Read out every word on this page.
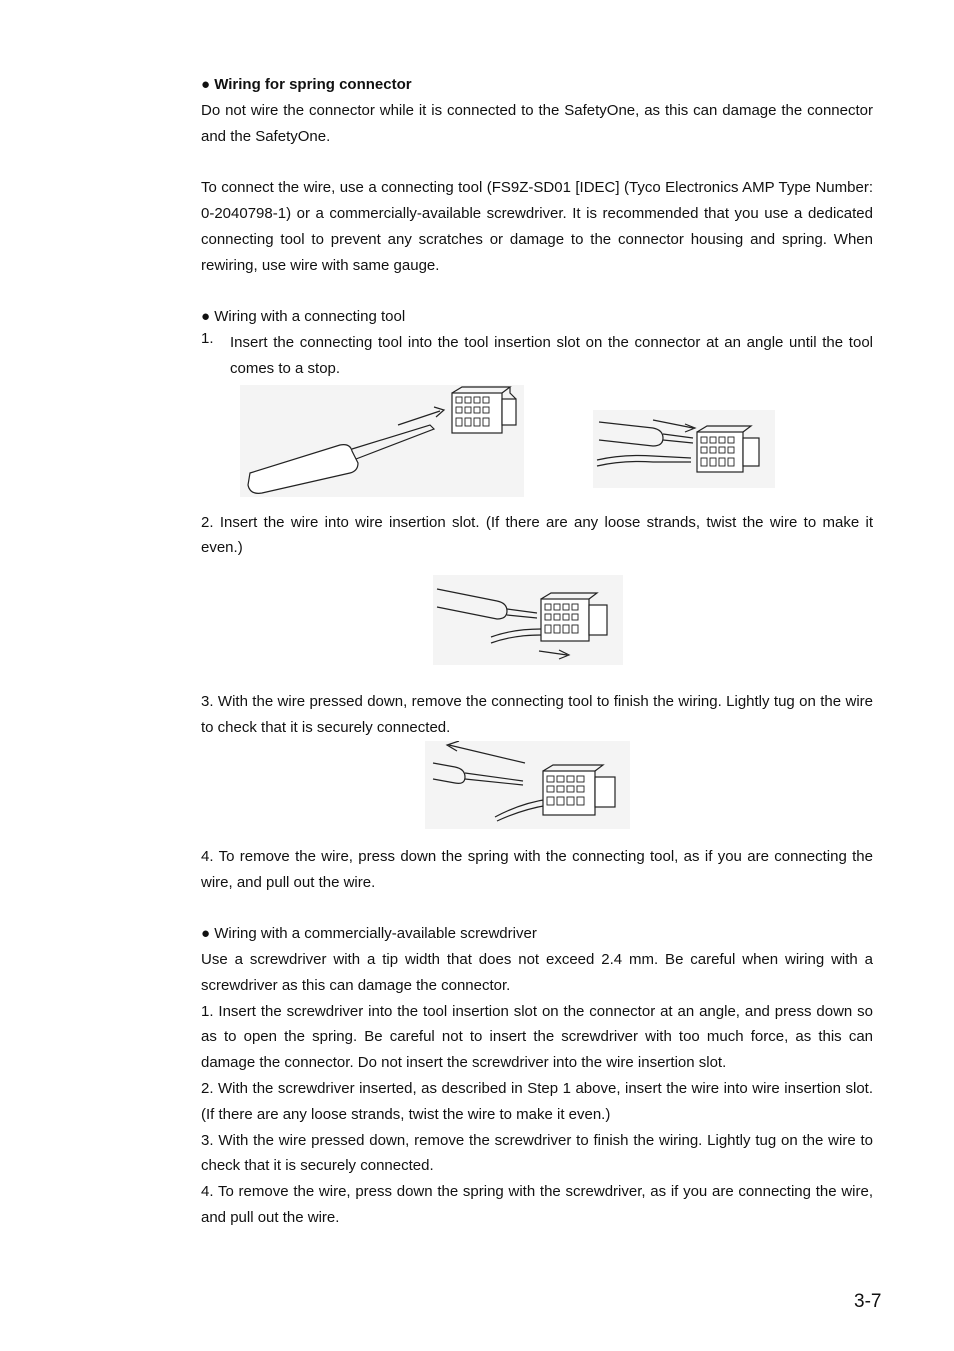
● Wiring for spring connector

Do not wire the connector while it is connected to the SafetyOne, as this can damage the connector and the SafetyOne.

To connect the wire, use a connecting tool (FS9Z-SD01 [IDEC] (Tyco Electronics AMP Type Number: 0-2040798-1) or a commercially-available screwdriver. It is recommended that you use a dedicated connecting tool to prevent any scratches or damage to the connector housing and spring. When rewiring, use wire with same gauge.

● Wiring with a connecting tool

1.	Insert the connecting tool into the tool insertion slot on the connector at an angle until the tool comes to a stop.

2. Insert the wire into wire insertion slot. (If there are any loose strands, twist the wire to make it even.)

3. With the wire pressed down, remove the connecting tool to finish the wiring. Lightly tug on the wire to check that it is securely connected.

4. To remove the wire, press down the spring with the connecting tool, as if you are connecting the wire, and pull out the wire.

● Wiring with a commercially-available screwdriver

Use a screwdriver with a tip width that does not exceed 2.4 mm. Be careful when wiring with a screwdriver as this can damage the connector.

1. Insert the screwdriver into the tool insertion slot on the connector at an angle, and press down so as to open the spring. Be careful not to insert the screwdriver with too much force, as this can damage the connector. Do not insert the screwdriver into the wire insertion slot.

2. With the screwdriver inserted, as described in Step 1 above, insert the wire into wire insertion slot. (If there are any loose strands, twist the wire to make it even.)

3. With the wire pressed down, remove the screwdriver to finish the wiring. Lightly tug on the wire to check that it is securely connected.

4. To remove the wire, press down the spring with the screwdriver, as if you are connecting the wire, and pull out the wire.

3-7
